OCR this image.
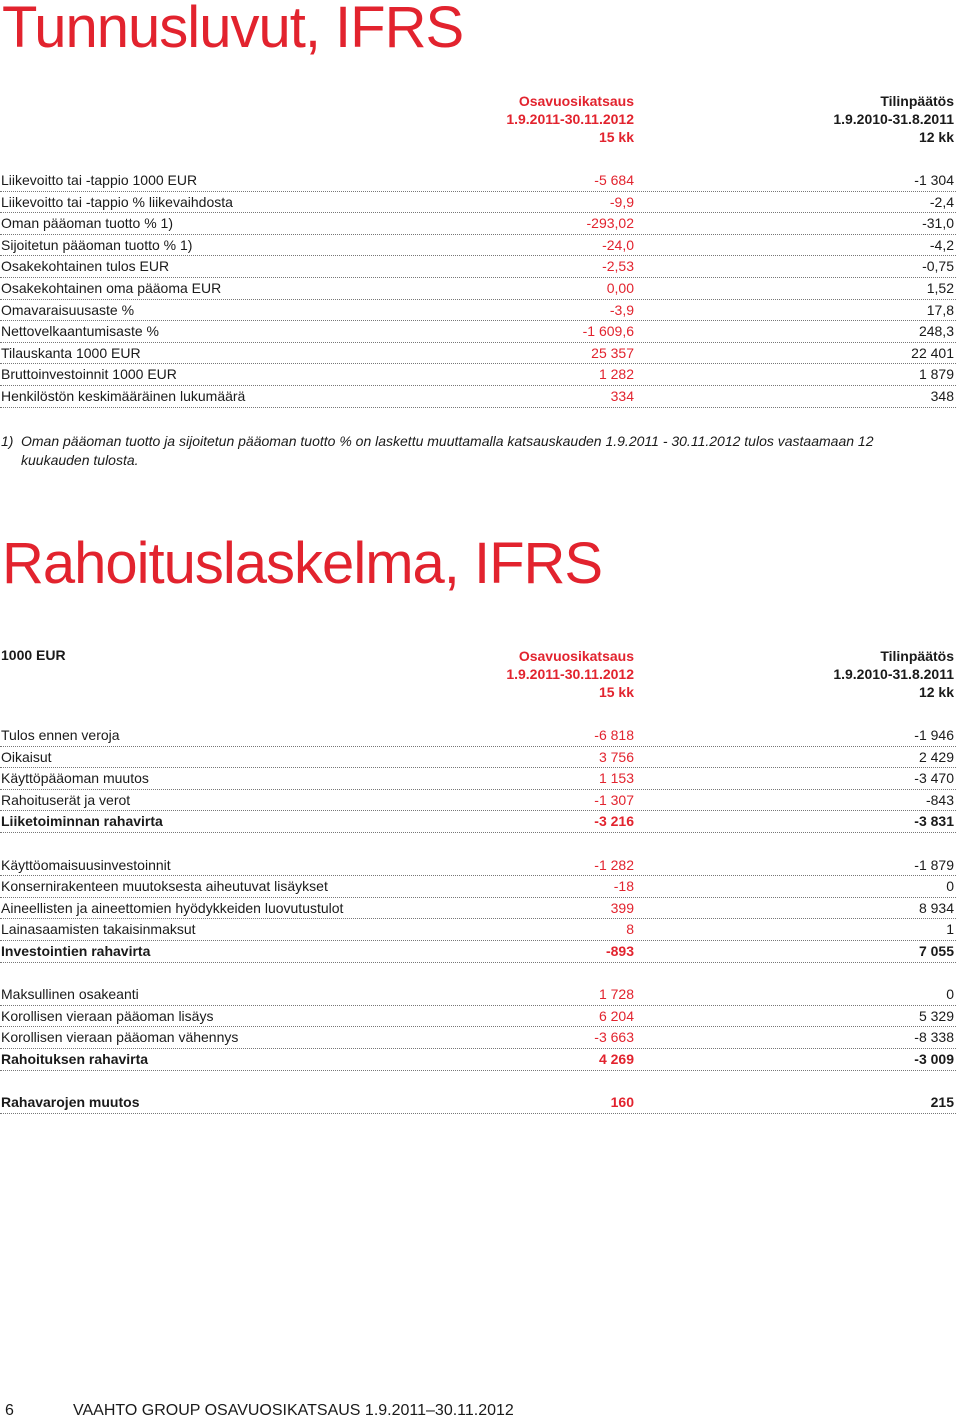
Tunnusluvut, IFRS
Osavuosikatsaus
1.9.2011-30.11.2012
15 kk
Tilinpäätös
1.9.2010-31.8.2011
12 kk
Liikevoitto tai -tappio 1000 EUR	-5 684	-1 304
Liikevoitto tai -tappio % liikevaihdosta	-9,9	-2,4
Oman pääoman tuotto % 1)	-293,02	-31,0
Sijoitetun pääoman tuotto % 1)	-24,0	-4,2
Osakekohtainen tulos EUR	-2,53	-0,75
Osakekohtainen oma pääoma EUR	0,00	1,52
Omavaraisuusaste %	-3,9	17,8
Nettovelkaantumisaste %	-1 609,6	248,3
Tilauskanta 1000 EUR	25 357	22 401
Bruttoinvestoinnit 1000 EUR	1 282	1 879
Henkilöstön keskimääräinen lukumäärä	334	348
1) Oman pääoman tuotto ja sijoitetun pääoman tuotto % on laskettu muuttamalla katsauskauden 1.9.2011 - 30.11.2012 tulos vastaamaan 12 kuukauden tulosta.
Rahoituslaskelma, IFRS
1000 EUR	Osavuosikatsaus
1.9.2011-30.11.2012
15 kk
Tilinpäätös
1.9.2010-31.8.2011
12 kk
Tulos ennen veroja	-6 818	-1 946
Oikaisut	3 756	2 429
Käyttöpääoman muutos	1 153	-3 470
Rahoituserät ja verot	-1 307	-843
Liiketoiminnan rahavirta	-3 216	-3 831
Käyttöomaisuusinvestoinnit	-1 282	-1 879
Konsernirakenteen muutoksesta aiheutuvat lisäykset	-18	0
Aineellisten ja aineettomien hyödykkeiden luovutustulot	399	8 934
Lainasaamisten takaisinmaksut	8	1
Investointien rahavirta	-893	7 055
Maksullinen osakeanti	1 728	0
Korollisen vieraan pääoman lisäys	6 204	5 329
Korollisen vieraan pääoman vähennys	-3 663	-8 338
Rahoituksen rahavirta	4 269	-3 009
Rahavarojen muutos	160	215
6	VAAHTO GROUP OSAVUOSIKATSAUS 1.9.2011–30.11.2012
